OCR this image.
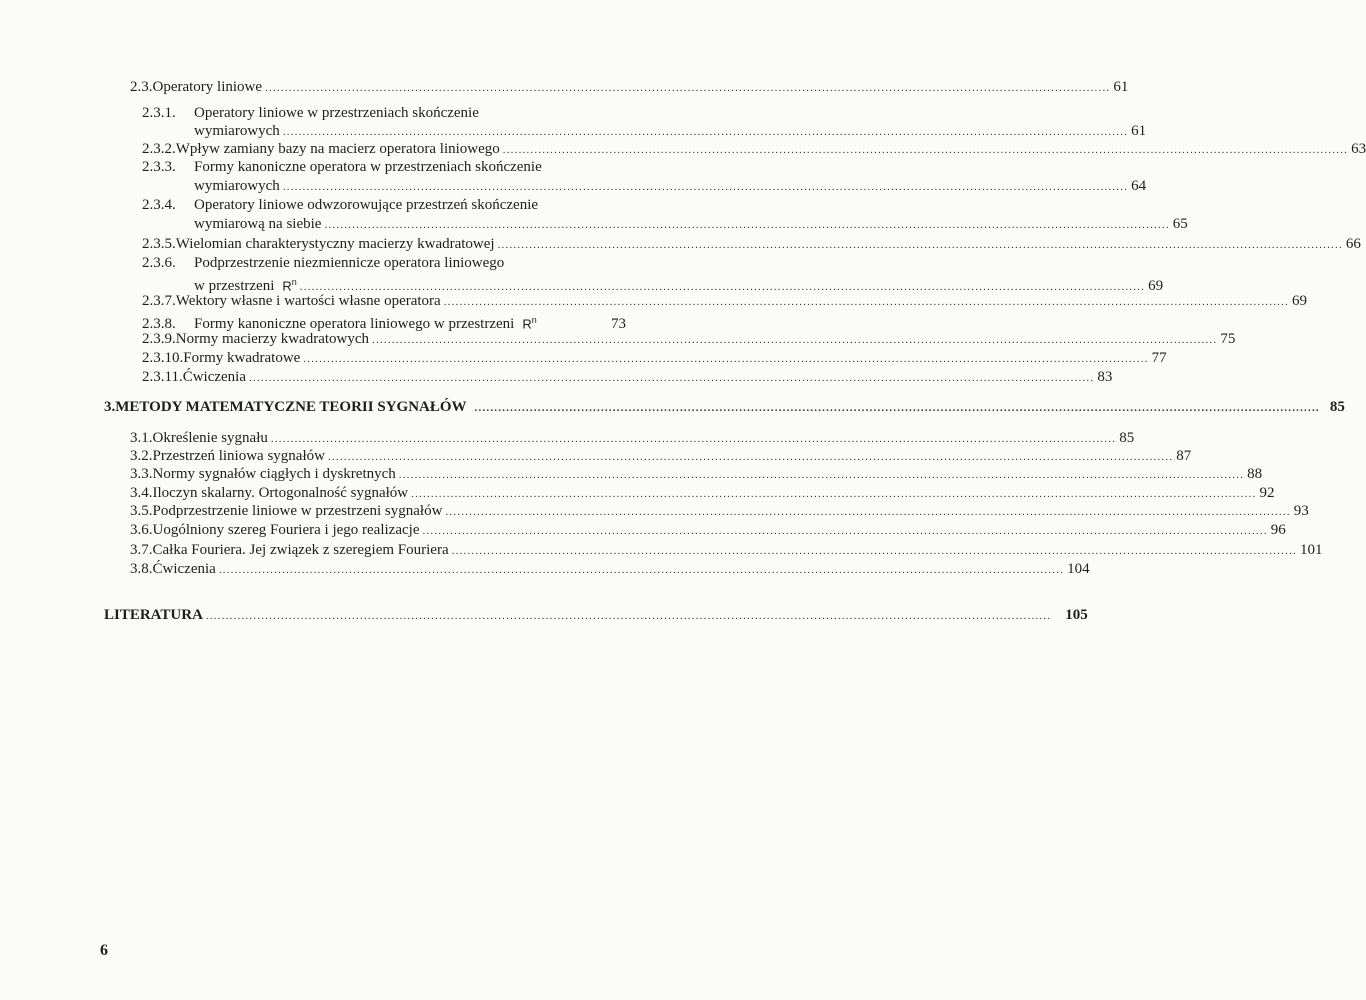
2.3. Operatory liniowe .....	61
2.3.1.	Operatory liniowe w przestrzeniach skończenie
wymiarowych .....	61
2.3.2. Wpływ zamiany bazy na macierz operatora liniowego .....	63
2.3.3.	Formy kanoniczne operatora w przestrzeniach skończenie
wymiarowych .....	64
2.3.4.	Operatory liniowe odwzorowujące przestrzeń skończenie
wymiarową na siebie .....	65
2.3.5. Wielomian charakterystyczny macierzy kwadratowej .....	66
2.3.6.	Podprzestrzenie niezmiennicze operatora liniowego
w przestrzeni $R^n$ .....	69
2.3.7. Wektory własne i wartości własne operatora .....	69
2.3.8.	Formy kanoniczne operatora liniowego w przestrzeni $R^n$	73
2.3.9. Normy macierzy kwadratowych .....	75
2.3.10. Formy kwadratowe .....	77
2.3.11. Ćwiczenia .....	83
3. METODY MATEMATYCZNE TEORII SYGNAŁÓW .....	85
3.1. Określenie sygnału .....	85
3.2. Przestrzeń liniowa sygnałów .....	87
3.3. Normy sygnałów ciągłych i dyskretnych .....	88
3.4. Iloczyn skalarny. Ortogonalność sygnałów .....	92
3.5. Podprzestrzenie liniowe w przestrzeni sygnałów .....	93
3.6. Uogólniony szereg Fouriera i jego realizacje .....	96
3.7. Całka Fouriera. Jej związek z szeregiem Fouriera .....	101
3.8. Ćwiczenia .....	104
LITERATURA .....	105
6
